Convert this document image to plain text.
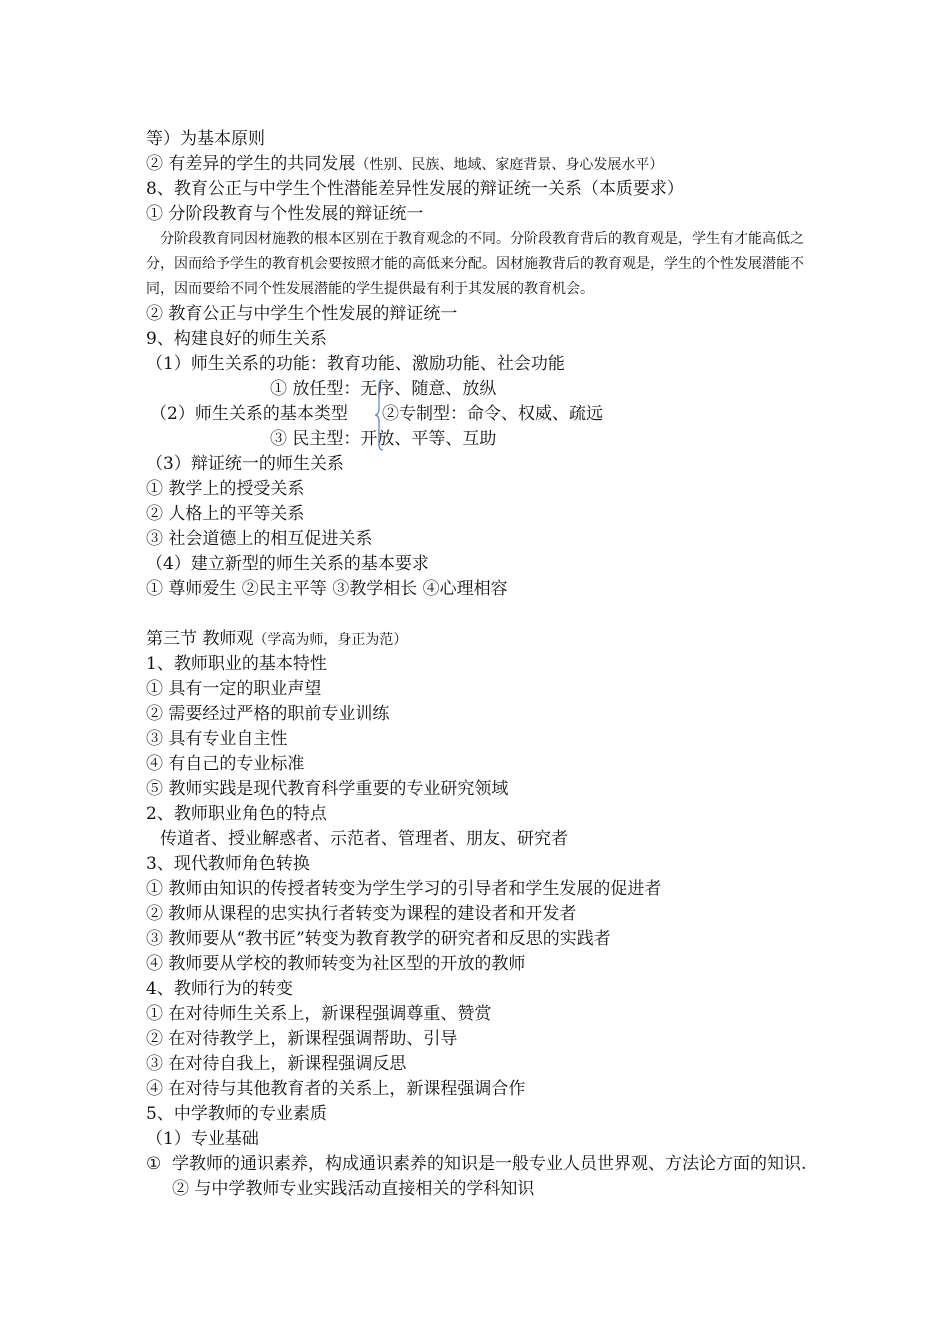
等）为基本原则
② 有差异的学生的共同发展（性别、民族、地域、家庭背景、身心发展水平）
8、教育公正与中学生个性潜能差异性发展的辩证统一关系（本质要求）
① 分阶段教育与个性发展的辩证统一
分阶段教育同因材施教的根本区别在于教育观念的不同。分阶段教育背后的教育观是，学生有才能高低之分，因而给予学生的教育机会要按照才能的高低来分配。因材施教背后的教育观是，学生的个性发展潜能不同，因而要给不同个性发展潜能的学生提供最有利于其发展的教育机会。
② 教育公正与中学生个性发展的辩证统一
9、构建良好的师生关系
（1）师生关系的功能：教育功能、激励功能、社会功能
① 放任型：无序、随意、放纵
（2）师生关系的基本类型 ②专制型：命令、权威、疏远
③ 民主型：开放、平等、互助
（3）辩证统一的师生关系
① 教学上的授受关系
② 人格上的平等关系
③ 社会道德上的相互促进关系
（4）建立新型的师生关系的基本要求
① 尊师爱生 ②民主平等 ③教学相长 ④心理相容
第三节 教师观（学高为师，身正为范）
1、教师职业的基本特性
① 具有一定的职业声望
② 需要经过严格的职前专业训练
③ 具有专业自主性
④ 有自己的专业标准
⑤ 教师实践是现代教育科学重要的专业研究领域
2、教师职业角色的特点
传道者、授业解惑者、示范者、管理者、朋友、研究者
3、现代教师角色转换
① 教师由知识的传授者转变为学生学习的引导者和学生发展的促进者
② 教师从课程的忠实执行者转变为课程的建设者和开发者
③ 教师要从“教书匠”转变为教育教学的研究者和反思的实践者
④ 教师要从学校的教师转变为社区型的开放的教师
4、教师行为的转变
① 在对待师生关系上，新课程强调尊重、赞赏
② 在对待教学上，新课程强调帮助、引导
③ 在对待自我上，新课程强调反思
④ 在对待与其他教育者的关系上，新课程强调合作
5、中学教师的专业素质
（1）专业基础
① 学教师的通识素养，构成通识素养的知识是一般专业人员世界观、方法论方面的知识. ② 与中学教师专业实践活动直接相关的学科知识
